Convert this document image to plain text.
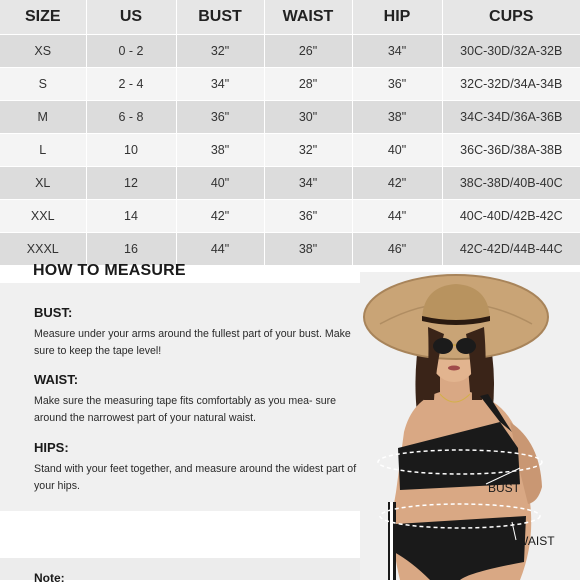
SIZE	US	BUST	WAIST	HIP	CUPS
XS	0 - 2	32"	26"	34"	30C-30D/32A-32B
S	2 - 4	34"	28"	36"	32C-32D/34A-34B
M	6 - 8	36"	30"	38"	34C-34D/36A-36B
L	10	38"	32"	40"	36C-36D/38A-38B
XL	12	40"	34"	42"	38C-38D/40B-40C
XXL	14	42"	36"	44"	40C-40D/42B-42C
XXXL	16	44"	38"	46"	42C-42D/44B-44C
HOW TO MEASURE
BUST:

Measure under your arms around the fullest part of your bust. Make sure to keep the tape level!

WAIST:

Make sure the measuring tape fits comfortably as you mea- sure around the narrowest part of your natural waist.

HIPS:

Stand with your feet together, and measure around the widest part of your hips.

Note:
BUST
WAIST
